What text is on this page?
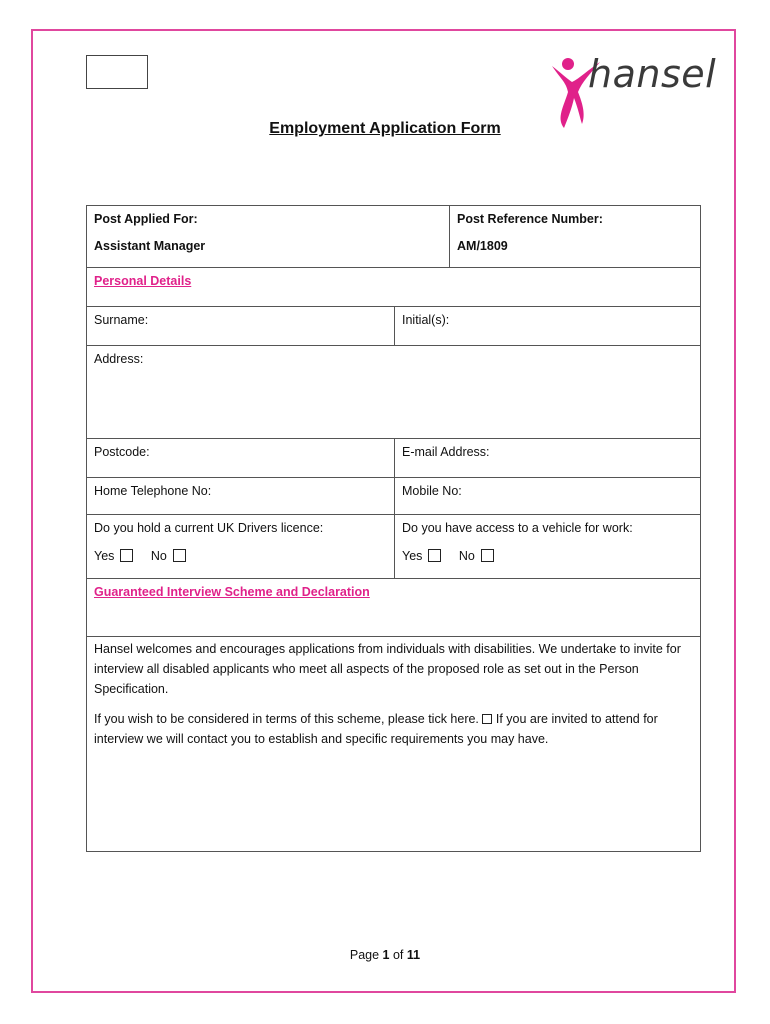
hansel
Employment Application Form
Post Applied For:
Assistant Manager
Post Reference Number:
AM/1809
Personal Details
Surname:	Initial(s):
Address:
Postcode:	E-mail Address:
Home Telephone No:	Mobile No:
Do you hold a current UK Drivers licence:
Yes	No
Do you have access to a vehicle for work:
Yes	No
Guaranteed Interview Scheme and Declaration
Hansel welcomes and encourages applications from individuals with disabilities. We undertake to invite for interview all disabled applicants who meet all aspects of the proposed role as set out in the Person Specification.
If you wish to be considered in terms of this scheme, please tick here. If you are invited to attend for interview we will contact you to establish and specific requirements you may have.
Page 1 of 11
